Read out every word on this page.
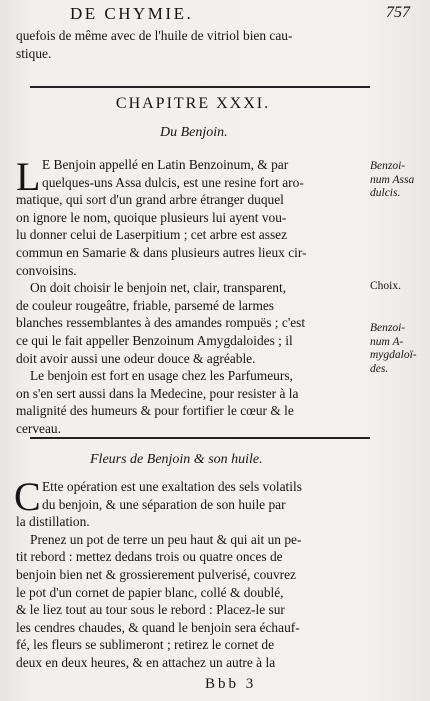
DE CHYMIE.	757
quefois de même avec de l'huile de vitriol bien cau-
stique.
CHAPITRE XXXI.
Du Benjoin.
L E Benjoin appellé en Latin Benzoinum, & par
quelques-uns Assa dulcis, est une resine fort aro-
matique, qui sort d'un grand arbre étranger duquel
on ignore le nom, quoique plusieurs lui ayent vou-
lu donner celui de Laserpitium ; cet arbre est assez
commun en Samarie & dans plusieurs autres lieux cir-
convoisins.
On doit choisir le benjoin net, clair, transparent,
de couleur rougeâtre, friable, parsemé de larmes
blanches ressemblantes à des amandes rompuës ; c'est
ce qui le fait appeller Benzoinum Amygdaloides ; il
doit avoir aussi une odeur douce & agréable.
Le benjoin est fort en usage chez les Parfumeurs,
on s'en sert aussi dans la Medecine, pour resister à la
malignité des humeurs & pour fortifier le cœur & le
cerveau.
Benzoi-
num Assa
dulcis.
Choix.
Benzoi-
num A-
mygdaloï-
des.
Fleurs de Benjoin & son huile.
C Ette opération est une exaltation des sels volatils
du benjoin, & une séparation de son huile par
la distillation.
Prenez un pot de terre un peu haut & qui ait un pe-
tit rebord : mettez dedans trois ou quatre onces de
benjoin bien net & grossierement pulverisé, couvrez
le pot d'un cornet de papier blanc, collé & doublé,
& le liez tout au tour sous le rebord : Placez-le sur
les cendres chaudes, & quand le benjoin sera échauf-
fé, les fleurs se sublimeront ; retirez le cornet de
deux en deux heures, & en attachez un autre à la
Bbb 3
